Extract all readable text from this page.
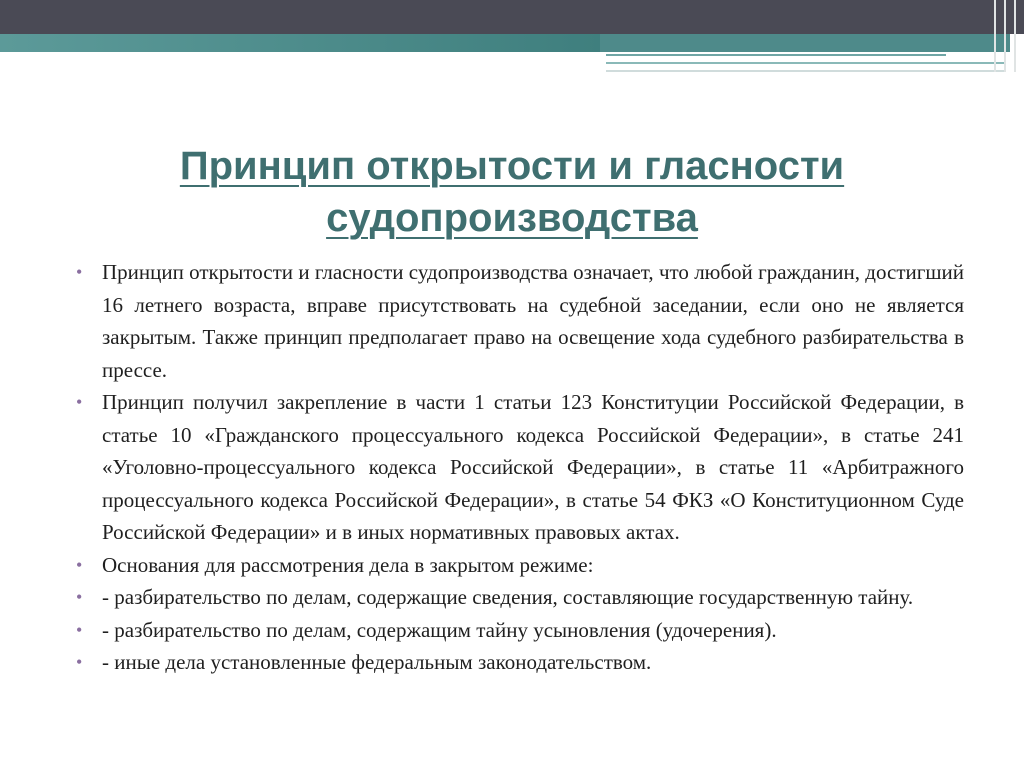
Принцип открытости и гласности
судопроизводства
• Принцип открытости и гласности судопроизводства означает, что любой гражданин, достигший 16 летнего возраста, вправе присутствовать на судебной заседании, если оно не является закрытым. Также принцип предполагает право на освещение хода судебного разбирательства в прессе.
• Принцип получил закрепление в части 1 статьи 123 Конституции Российской Федерации, в статье 10 «Гражданского процессуального кодекса Российской Федерации», в статье 241 «Уголовно-процессуального кодекса Российской Федерации», в статье 11 «Арбитражного процессуального кодекса Российской Федерации», в статье 54 ФКЗ «О Конституционном Суде Российской Федерации» и в иных нормативных правовых актах.
• Основания для рассмотрения дела в закрытом режиме:
• - разбирательство по делам, содержащие сведения, составляющие государственную тайну.
• - разбирательство по делам, содержащим тайну усыновления (удочерения).
• - иные дела установленные федеральным законодательством.
